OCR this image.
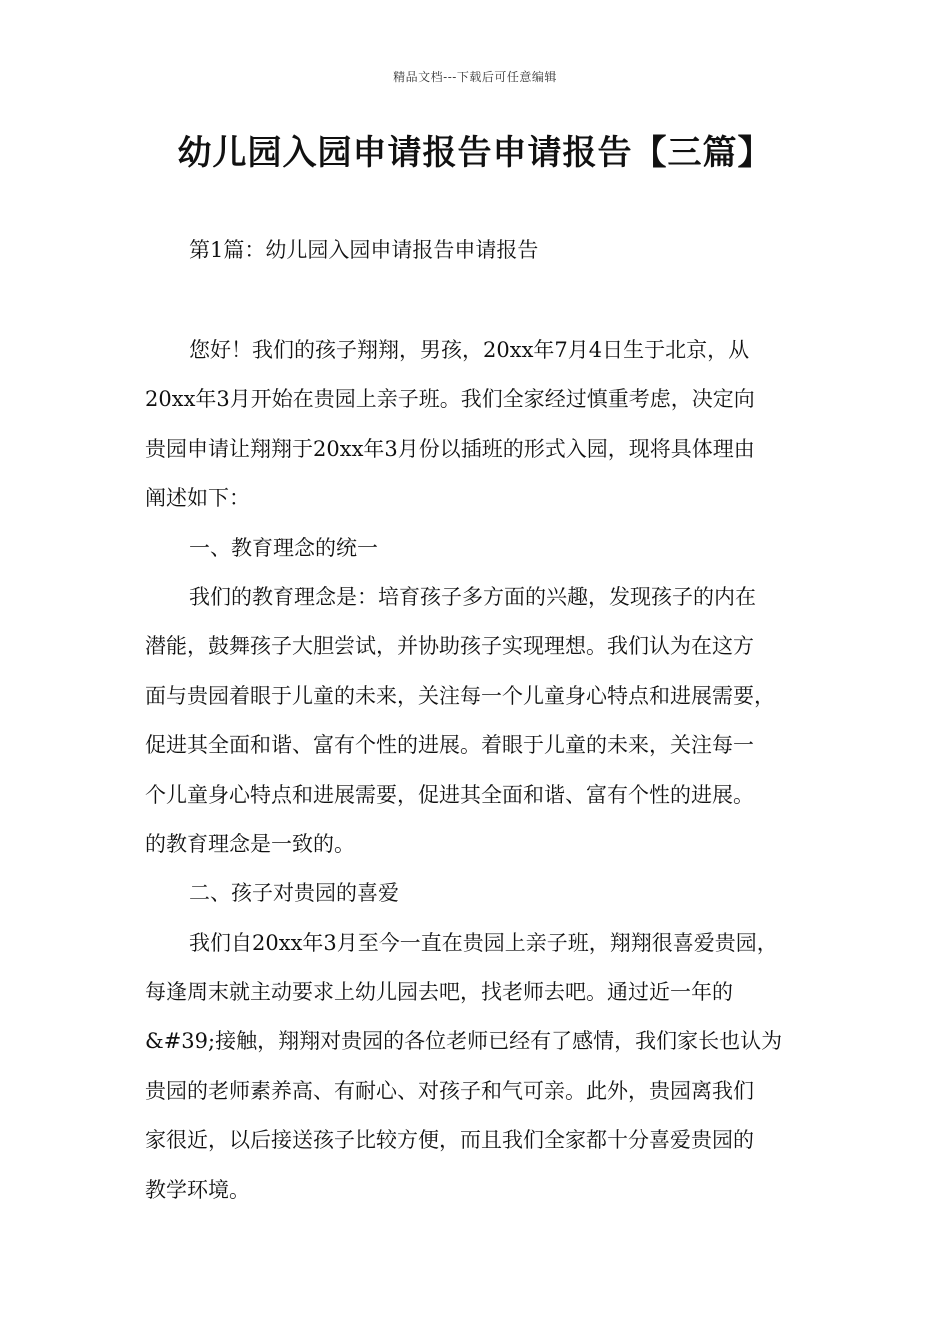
精品文档---下载后可任意编辑
幼儿园入园申请报告申请报告【三篇】
第1篇：幼儿园入园申请报告申请报告
您好！我们的孩子翔翔，男孩，20xx年7月4日生于北京，从
20xx年3月开始在贵园上亲子班。我们全家经过慎重考虑，决定向
贵园申请让翔翔于20xx年3月份以插班的形式入园，现将具体理由
阐述如下：
一、教育理念的统一
我们的教育理念是：培育孩子多方面的兴趣，发现孩子的内在
潜能，鼓舞孩子大胆尝试，并协助孩子实现理想。我们认为在这方
面与贵园着眼于儿童的未来，关注每一个儿童身心特点和进展需要，
促进其全面和谐、富有个性的进展。着眼于儿童的未来，关注每一
个儿童身心特点和进展需要，促进其全面和谐、富有个性的进展。
的教育理念是一致的。
二、孩子对贵园的喜爱
我们自20xx年3月至今一直在贵园上亲子班，翔翔很喜爱贵园，
每逢周末就主动要求上幼儿园去吧，找老师去吧。通过近一年的
&#39;接触，翔翔对贵园的各位老师已经有了感情，我们家长也认为
贵园的老师素养高、有耐心、对孩子和气可亲。此外，贵园离我们
家很近，以后接送孩子比较方便，而且我们全家都十分喜爱贵园的
教学环境。
